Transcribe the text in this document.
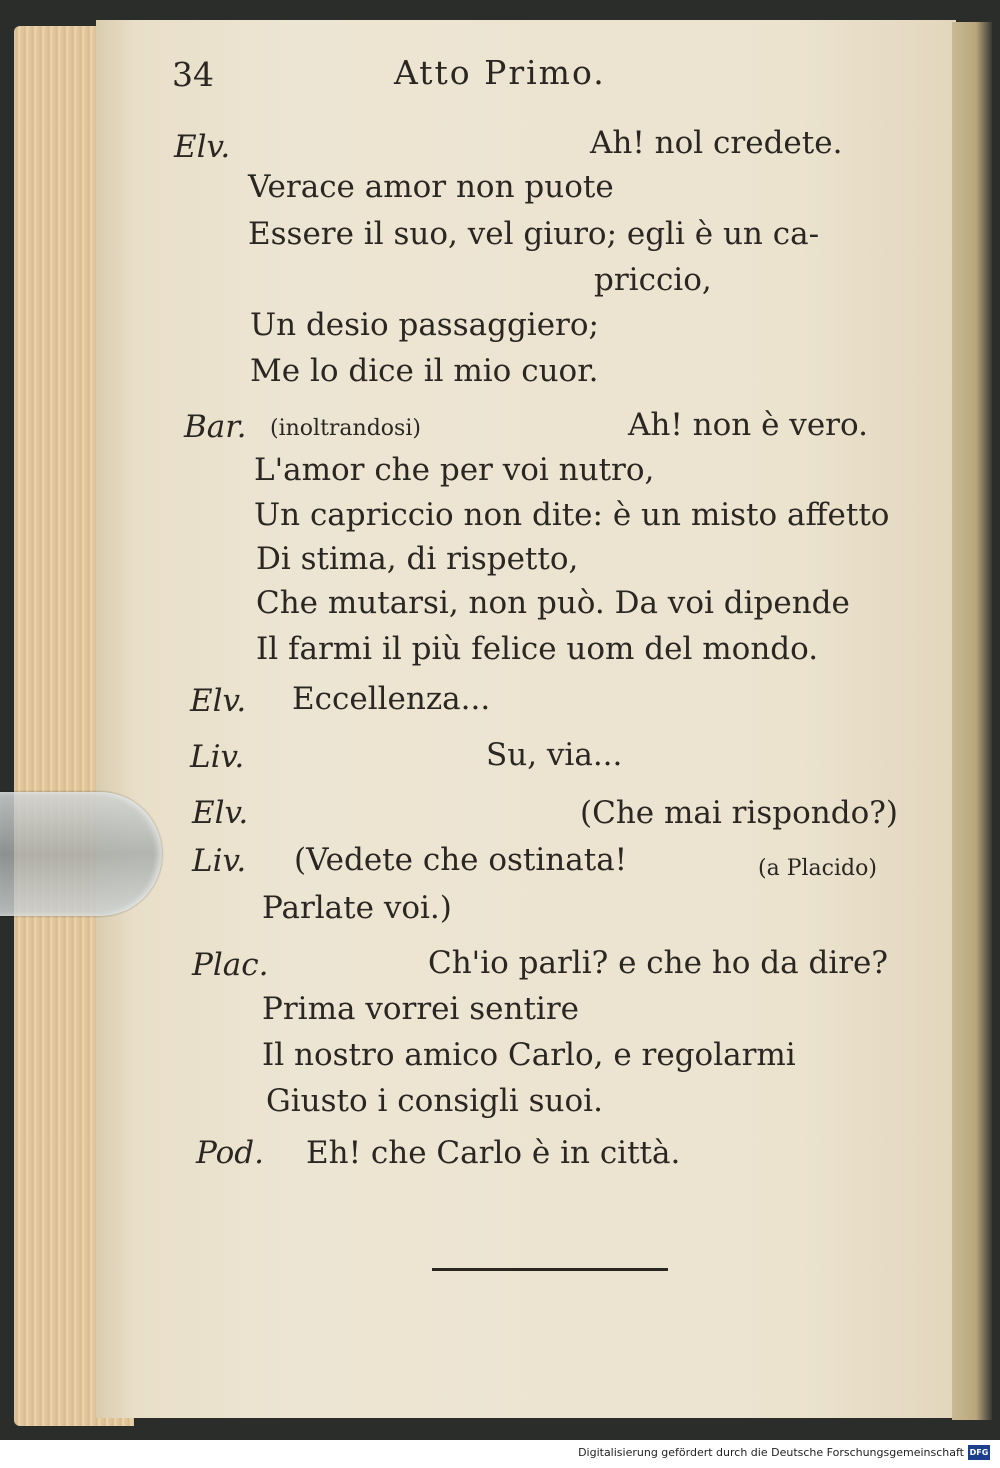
34	Atto Primo.
Elv.	Ah! nol credete.
Verace amor non puote
Essere il suo, vel giuro; egli è un ca-
priccio,
Un desio passaggiero;
Me lo dice il mio cuor.
Bar. (inoltrandosi)	Ah! non è vero.
L'amor che per voi nutro,
Un capriccio non dite: è un misto affetto
Di stima, di rispetto,
Che mutarsi, non può. Da voi dipende
Il farmi il più felice uom del mondo.
Elv. Eccellenza...
Liv.	Su, via...
Elv.	(Che mai rispondo?)
Liv. (Vedete che ostinata!	(a Placido)
Parlate voi.)
Plac.	Ch'io parli? e che ho da dire?
Prima vorrei sentire
Il nostro amico Carlo, e regolarmi
Giusto i consigli suoi.
Pod. Eh! che Carlo è in città.
Digitalisierung gefördert durch die Deutsche Forschungsgemeinschaft DFG
